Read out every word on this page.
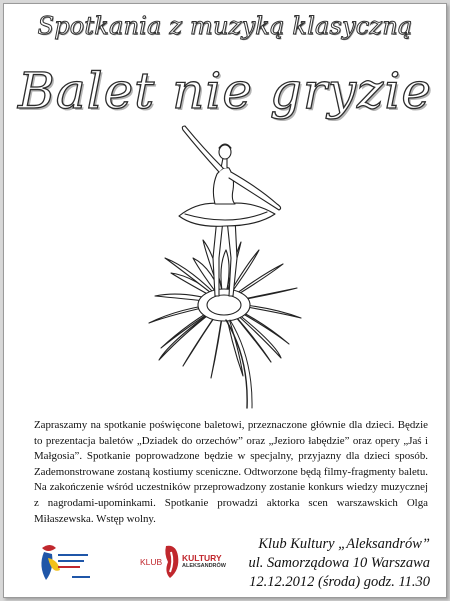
Spotkania z muzyką klasyczną
Balet nie gryzie

Zapraszamy na spotkanie poświęcone baletowi, przeznaczone głównie dla dzieci. Będzie to prezentacja baletów „Dziadek do orzechów” oraz „Jezioro łabędzie” oraz opery „Jaś i Małgosia”. Spotkanie poprowadzone będzie w specjalny, przyjazny dla dzieci sposób. Zademonstrowane zostaną kostiumy sceniczne. Odtworzone będą filmy-fragmenty baletu. Na zakończenie wśród uczestników przeprowadzony zostanie konkurs wiedzy muzycznej z nagrodami-upominkami. Spotkanie prowadzi aktorka scen warszawskich Olga Miłaszewska. Wstęp wolny.

KLUB KULTURY
ALEKSANDRÓW
Klub Kultury „Aleksandrów”
ul. Samorządowa 10 Warszawa
12.12.2012 (środa) godz. 11.30
